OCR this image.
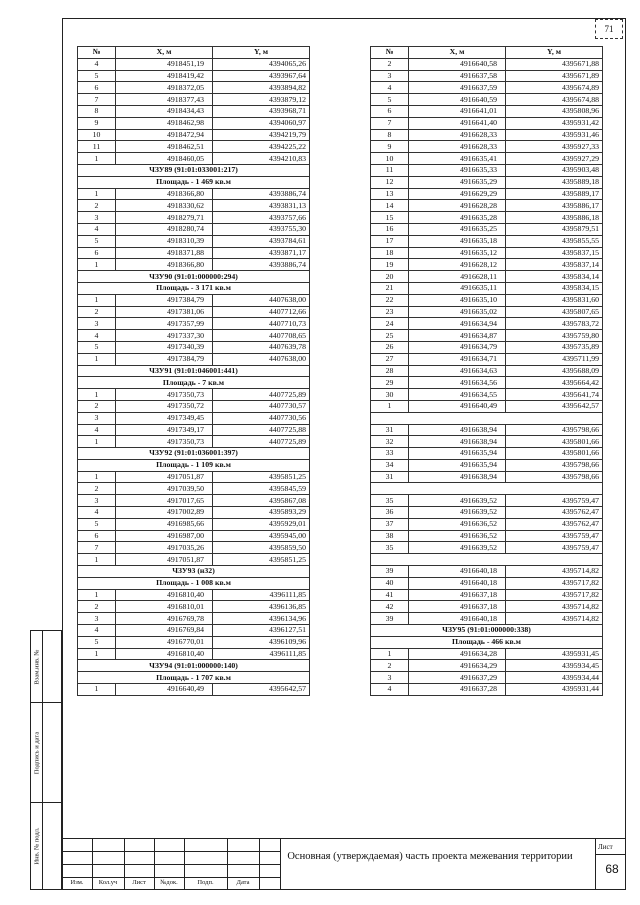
71
№	X, м	Y, м
4	4918451,19	4394065,26
5	4918419,42	4393967,64
6	4918372,05	4393894,82
7	4918377,43	4393879,12
8	4918434,43	4393968,71
9	4918462,98	4394060,97
10	4918472,94	4394219,79
11	4918462,51	4394225,22
1	4918460,05	4394210,83
ЧЗУ89 (91:01:033001:217)		
Площадь - 1 469 кв.м		
1	4918366,80	4393886,74
2	4918330,62	4393831,13
3	4918279,71	4393757,66
4	4918280,74	4393755,30
5	4918310,39	4393784,61
6	4918371,88	4393871,17
1	4918366,80	4393886,74
ЧЗУ90 (91:01:000000:294)		
Площадь - 3 171 кв.м		
1	4917384,79	4407638,00
2	4917381,06	4407712,66
3	4917357,99	4407710,73
4	4917337,30	4407708,65
5	4917340,39	4407639,78
1	4917384,79	4407638,00
ЧЗУ91 (91:01:046001:441)		
Площадь - 7 кв.м		
1	4917350,73	4407725,89
2	4917350,72	4407730,57
3	4917349,45	4407730,56
4	4917349,17	4407725,88
1	4917350,73	4407725,89
ЧЗУ92 (91:01:036001:397)		
Площадь - 1 109 кв.м		
1	4917051,87	4395851,25
2	4917039,50	4395845,59
3	4917017,65	4395867,08
4	4917002,89	4395893,29
5	4916985,66	4395929,01
6	4916987,00	4395945,00
7	4917035,26	4395859,50
1	4917051,87	4395851,25
ЧЗУ93 (н32)		
Площадь - 1 008 кв.м		
1	4916810,40	4396111,85
2	4916810,01	4396136,85
3	4916769,78	4396134,96
4	4916769,84	4396127,51
5	4916770,01	4396109,96
1	4916810,40	4396111,85
ЧЗУ94 (91:01:000000:140)		
Площадь - 1 707 кв.м		
1	4916640,49	4395642,57
№	X, м	Y, м
2	4916640,58	4395671,88
3	4916637,58	4395671,89
4	4916637,59	4395674,89
5	4916640,59	4395674,88
6	4916641,01	4395808,96
7	4916641,40	4395931,42
8	4916628,33	4395931,46
9	4916628,33	4395927,33
10	4916635,41	4395927,29
11	4916635,33	4395903,48
12	4916635,29	4395889,18
13	4916629,29	4395889,17
14	4916628,28	4395886,17
15	4916635,28	4395886,18
16	4916635,25	4395879,51
17	4916635,18	4395855,55
18	4916635,12	4395837,15
19	4916628,12	4395837,14
20	4916628,11	4395834,14
21	4916635,11	4395834,15
22	4916635,10	4395831,60
23	4916635,02	4395807,65
24	4916634,94	4395783,72
25	4916634,87	4395759,80
26	4916634,79	4395735,89
27	4916634,71	4395711,99
28	4916634,63	4395688,09
29	4916634,56	4395664,42
30	4916634,55	4395641,74
1	4916640,49	4395642,57

31	4916638,94	4395798,66
32	4916638,94	4395801,66
33	4916635,94	4395801,66
34	4916635,94	4395798,66
31	4916638,94	4395798,66

35	4916639,52	4395759,47
36	4916639,52	4395762,47
37	4916636,52	4395762,47
38	4916636,52	4395759,47
35	4916639,52	4395759,47

39	4916640,18	4395714,82
40	4916640,18	4395717,82
41	4916637,18	4395717,82
42	4916637,18	4395714,82
39	4916640,18	4395714,82
ЧЗУ95 (91:01:000000:338)		
Площадь - 466 кв.м		
1	4916634,28	4395931,45
2	4916634,29	4395934,45
3	4916637,29	4395934,44
4	4916637,28	4395931,44
Взам.инв. №
Подпись и дата
Инв. № подл.
Изм.	Кол.уч	Лист	№док.	Подп.	Дата
Основная (утверждаемая) часть проекта межевания территории
Лист
68
